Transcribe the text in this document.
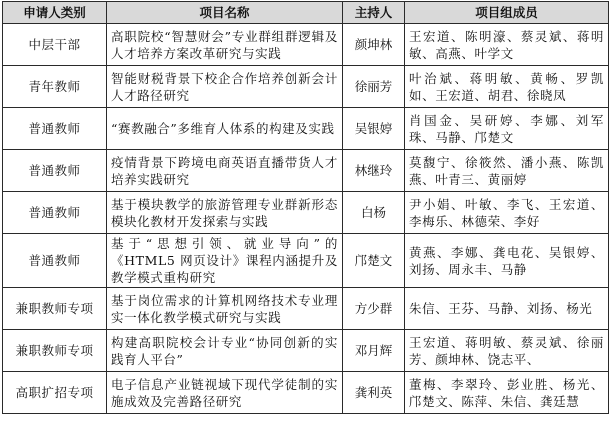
申请人类别	项目名称	主持人	项目组成员
中层干部	高职院校“智慧财会”专业群组群逻辑及人才培养方案改革研究与实践	颜坤林	王宏道、陈明濠、蔡灵斌、蒋明敏、高燕、叶学文
青年教师	智能财税背景下校企合作培养创新会计人才路径研究	徐丽芳	叶治斌、蒋明敏、黄畅、罗凯如、王宏道、胡君、徐晓凤
普通教师	“赛教融合”多维育人体系的构建及实践	吴银婷	肖国金、吴研婷、李娜、刘军珠、马静、邝楚文
普通教师	疫情背景下跨境电商英语直播带货人才培养实践研究	林继玲	莫馥宁、徐筱然、潘小燕、陈凯燕、叶青三、黄丽婷
普通教师	基于模块教学的旅游管理专业群新形态模块化教材开发探索与实践	白杨	尹小娟、叶敏、李飞、王宏道、李梅乐、林德荣、李好
普通教师	基于“思想引领、就业导向”的《HTML5 网页设计》课程内涵提升及教学模式重构研究	邝楚文	黄燕、李娜、龚电花、吴银婷、刘扬、周永丰、马静
兼职教师专项	基于岗位需求的计算机网络技术专业理实一体化教学模式研究与实践	方少群	朱信、王芬、马静、刘扬、杨光
兼职教师专项	构建高职院校会计专业“协同创新的实践育人平台”	邓月辉	王宏道、蒋明敏、蔡灵斌、徐丽芳、颜坤林、饶志平、
高职扩招专项	电子信息产业链视域下现代学徒制的实施成效及完善路径研究	龚利英	董梅、李翠玲、彭业胜、杨光、邝楚文、陈萍、朱信、龚廷慧
